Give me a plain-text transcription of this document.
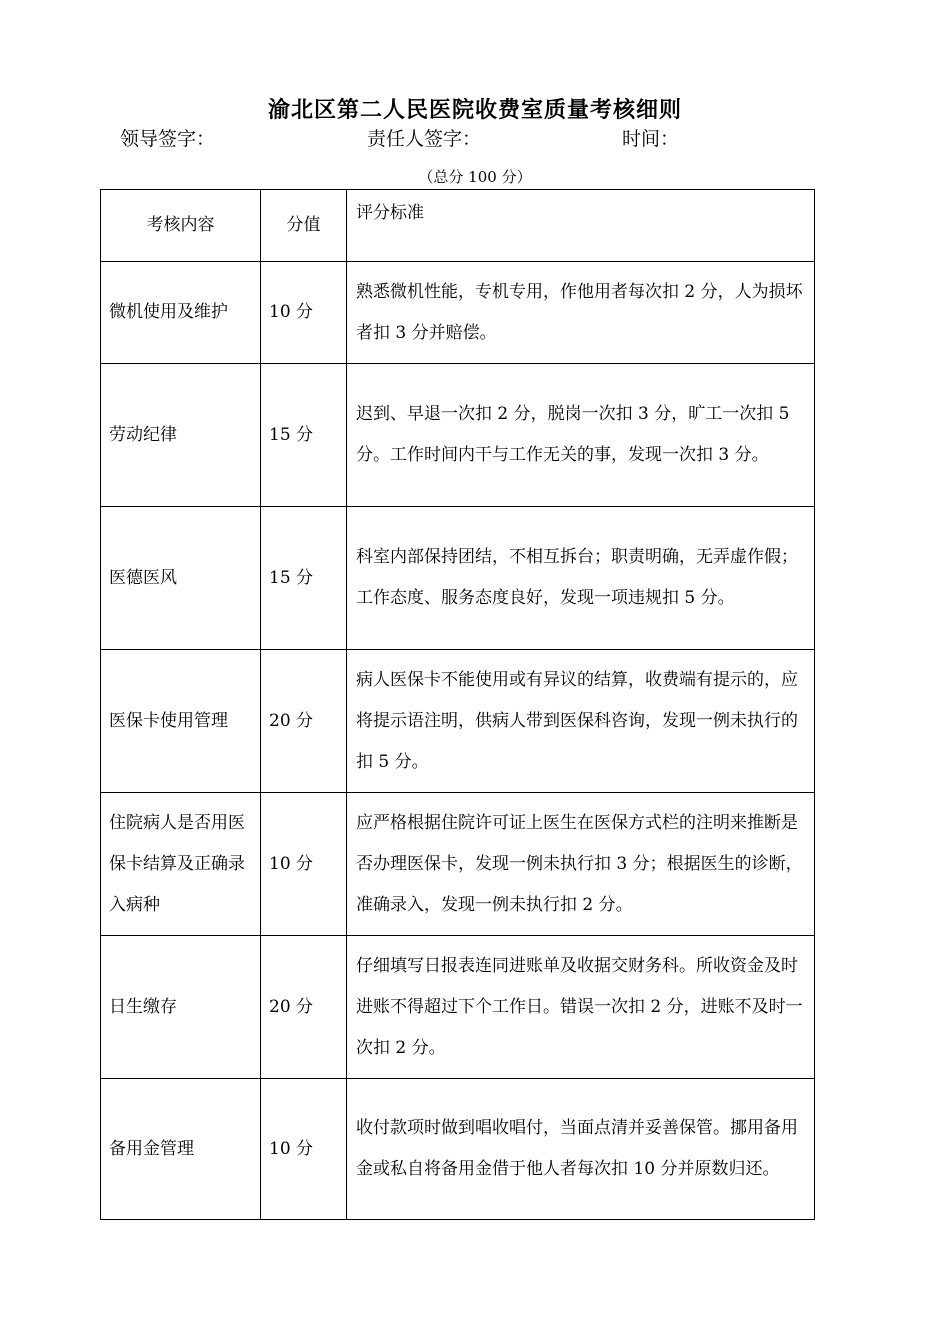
渝北区第二人民医院收费室质量考核细则
领导签字：	责任人签字：	时间：
（总分 100 分）
考核内容	分值	评分标准
微机使用及维护	10 分	熟悉微机性能，专机专用，作他用者每次扣 2 分，人为损坏者扣 3 分并赔偿。
劳动纪律	15 分	迟到、早退一次扣 2 分，脱岗一次扣 3 分，旷工一次扣 5 分。工作时间内干与工作无关的事，发现一次扣 3 分。
医德医风	15 分	科室内部保持团结，不相互拆台；职责明确，无弄虚作假；工作态度、服务态度良好，发现一项违规扣 5 分。
医保卡使用管理	20 分	病人医保卡不能使用或有异议的结算，收费端有提示的，应将提示语注明，供病人带到医保科咨询，发现一例未执行的扣 5 分。
住院病人是否用医保卡结算及正确录入病种	10 分	应严格根据住院许可证上医生在医保方式栏的注明来推断是否办理医保卡，发现一例未执行扣 3 分；根据医生的诊断，准确录入，发现一例未执行扣 2 分。
日生缴存	20 分	仔细填写日报表连同进账单及收据交财务科。所收资金及时进账不得超过下个工作日。错误一次扣 2 分，进账不及时一次扣 2 分。
备用金管理	10 分	收付款项时做到唱收唱付，当面点清并妥善保管。挪用备用金或私自将备用金借于他人者每次扣 10 分并原数归还。
